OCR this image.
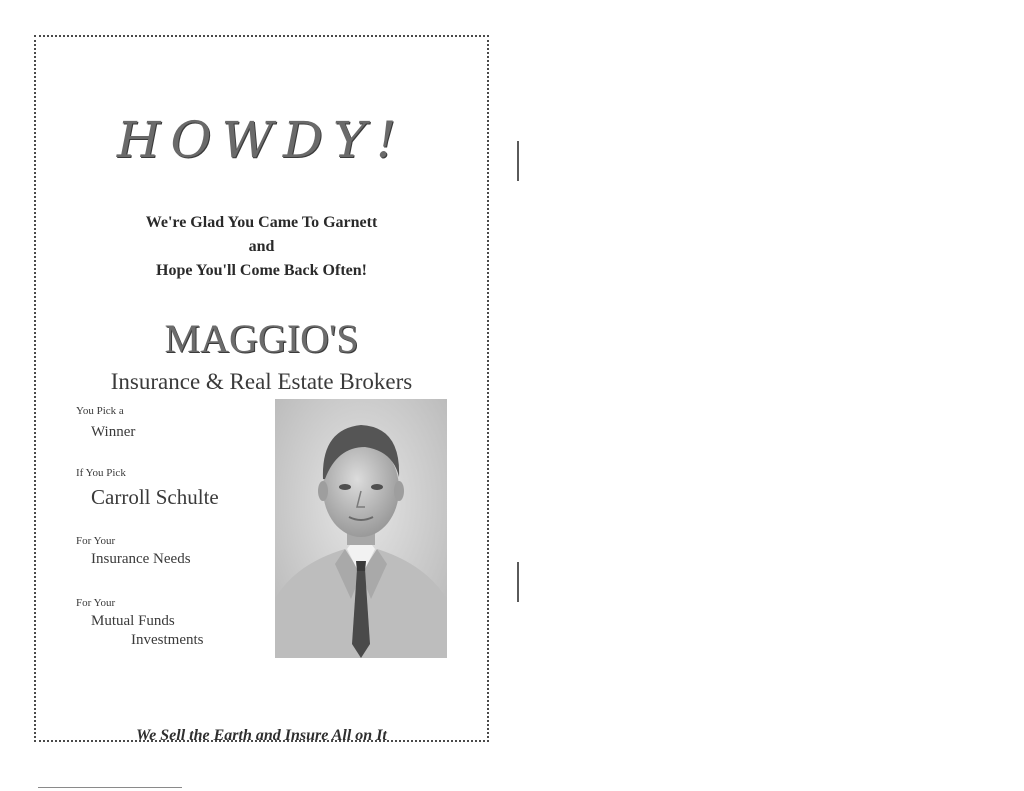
HOWDY!
We're Glad You Came To Garnett
and
Hope You'll Come Back Often!
MAGGIO'S
Insurance & Real Estate Brokers
You Pick a
Winner
If You Pick
Carroll Schulte
For Your
Insurance Needs
For Your
Mutual Funds
Investments
We Sell the Earth and Insure All on It
